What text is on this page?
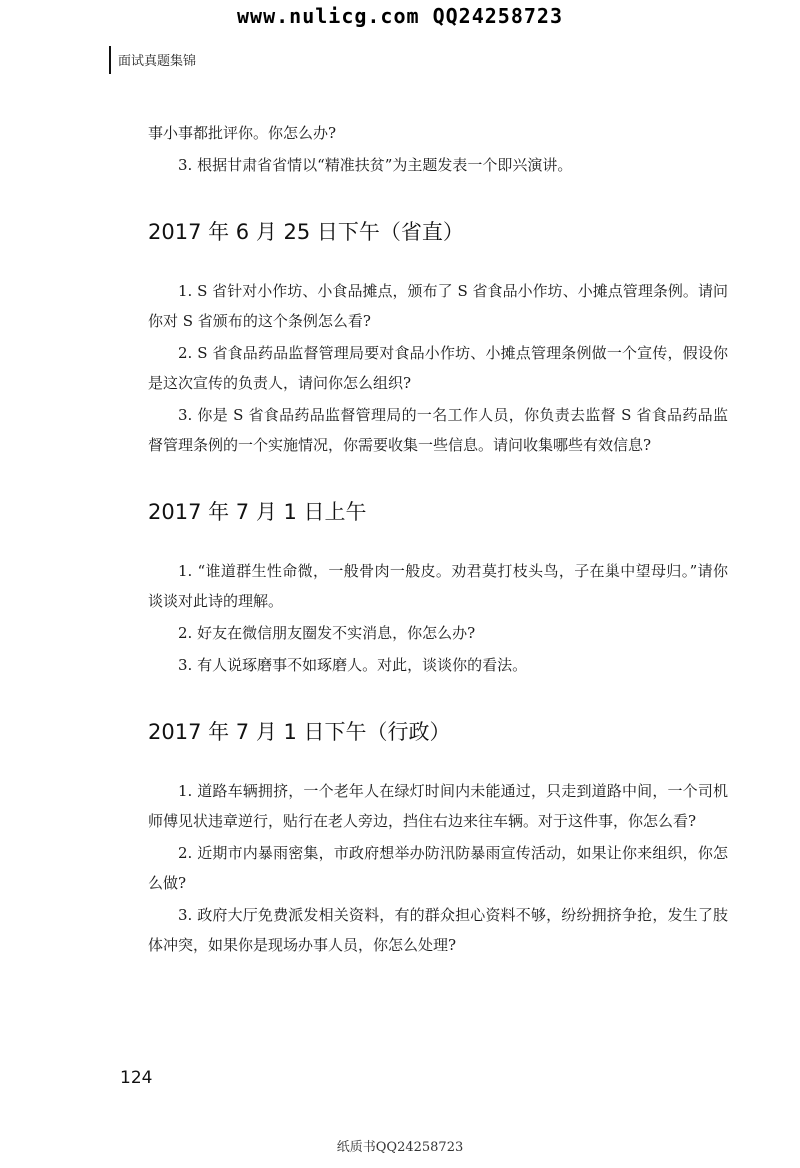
www.nulicg.com QQ24258723
面试真题集锦

事小事都批评你。你怎么办?

3. 根据甘肃省省情以“精准扶贫”为主题发表一个即兴演讲。

2017 年 6 月 25 日下午（省直）

1. S 省针对小作坊、小食品摊点，颁布了 S 省食品小作坊、小摊点管理条例。请问你对 S 省颁布的这个条例怎么看?

2. S 省食品药品监督管理局要对食品小作坊、小摊点管理条例做一个宣传，假设你是这次宣传的负责人，请问你怎么组织?

3. 你是 S 省食品药品监督管理局的一名工作人员，你负责去监督 S 省食品药品监督管理条例的一个实施情况，你需要收集一些信息。请问收集哪些有效信息?

2017 年 7 月 1 日上午

1. “谁道群生性命微，一般骨肉一般皮。劝君莫打枝头鸟，子在巢中望母归。”请你谈谈对此诗的理解。

2. 好友在微信朋友圈发不实消息，你怎么办?

3. 有人说琢磨事不如琢磨人。对此，谈谈你的看法。

2017 年 7 月 1 日下午（行政）

1. 道路车辆拥挤，一个老年人在绿灯时间内未能通过，只走到道路中间，一个司机师傅见状违章逆行，贴行在老人旁边，挡住右边来往车辆。对于这件事，你怎么看?

2. 近期市内暴雨密集，市政府想举办防汛防暴雨宣传活动，如果让你来组织，你怎么做?

3. 政府大厅免费派发相关资料，有的群众担心资料不够，纷纷拥挤争抢，发生了肢体冲突，如果你是现场办事人员，你怎么处理?

124
纸质书QQ24258723
